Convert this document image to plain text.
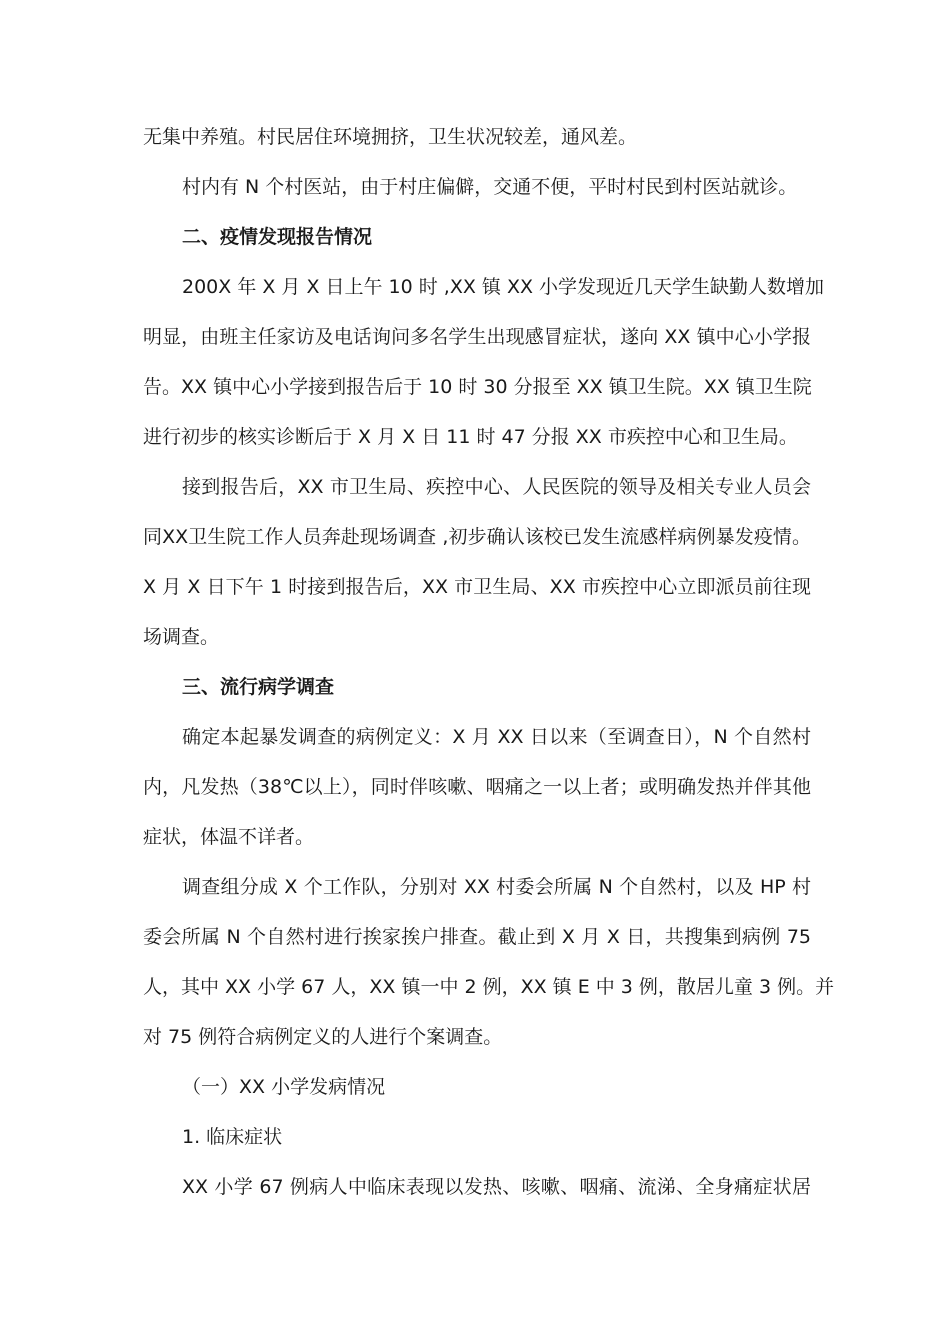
无集中养殖。村民居住环境拥挤，卫生状况较差，通风差。
村内有 N 个村医站，由于村庄偏僻，交通不便，平时村民到村医站就诊。
二、疫情发现报告情况
200X 年 X 月 X 日上午 10 时 ,XX 镇 XX 小学发现近几天学生缺勤人数增加
明显，由班主任家访及电话询问多名学生出现感冒症状，遂向 XX 镇中心小学报
告。XX 镇中心小学接到报告后于 10 时 30 分报至 XX 镇卫生院。XX 镇卫生院
进行初步的核实诊断后于 X 月 X 日 11 时 47 分报 XX 市疾控中心和卫生局。
接到报告后，XX 市卫生局、疾控中心、人民医院的领导及相关专业人员会
同XX卫生院工作人员奔赴现场调查 ,初步确认该校已发生流感样病例暴发疫情。
X 月 X 日下午 1 时接到报告后，XX 市卫生局、XX 市疾控中心立即派员前往现
场调查。
三、流行病学调查
确定本起暴发调查的病例定义：X 月 XX 日以来（至调查日），N 个自然村
内，凡发热（38℃以上），同时伴咳嗽、咽痛之一以上者；或明确发热并伴其他
症状，体温不详者。
调查组分成 X 个工作队，分别对 XX 村委会所属 N 个自然村，以及 HP 村
委会所属 N 个自然村进行挨家挨户排查。截止到 X 月 X 日，共搜集到病例 75
人，其中 XX 小学 67 人，XX 镇一中 2 例，XX 镇 E 中 3 例，散居儿童 3 例。并
对 75 例符合病例定义的人进行个案调查。
（一）XX 小学发病情况
1. 临床症状
XX 小学 67 例病人中临床表现以发热、咳嗽、咽痛、流涕、全身痛症状居
